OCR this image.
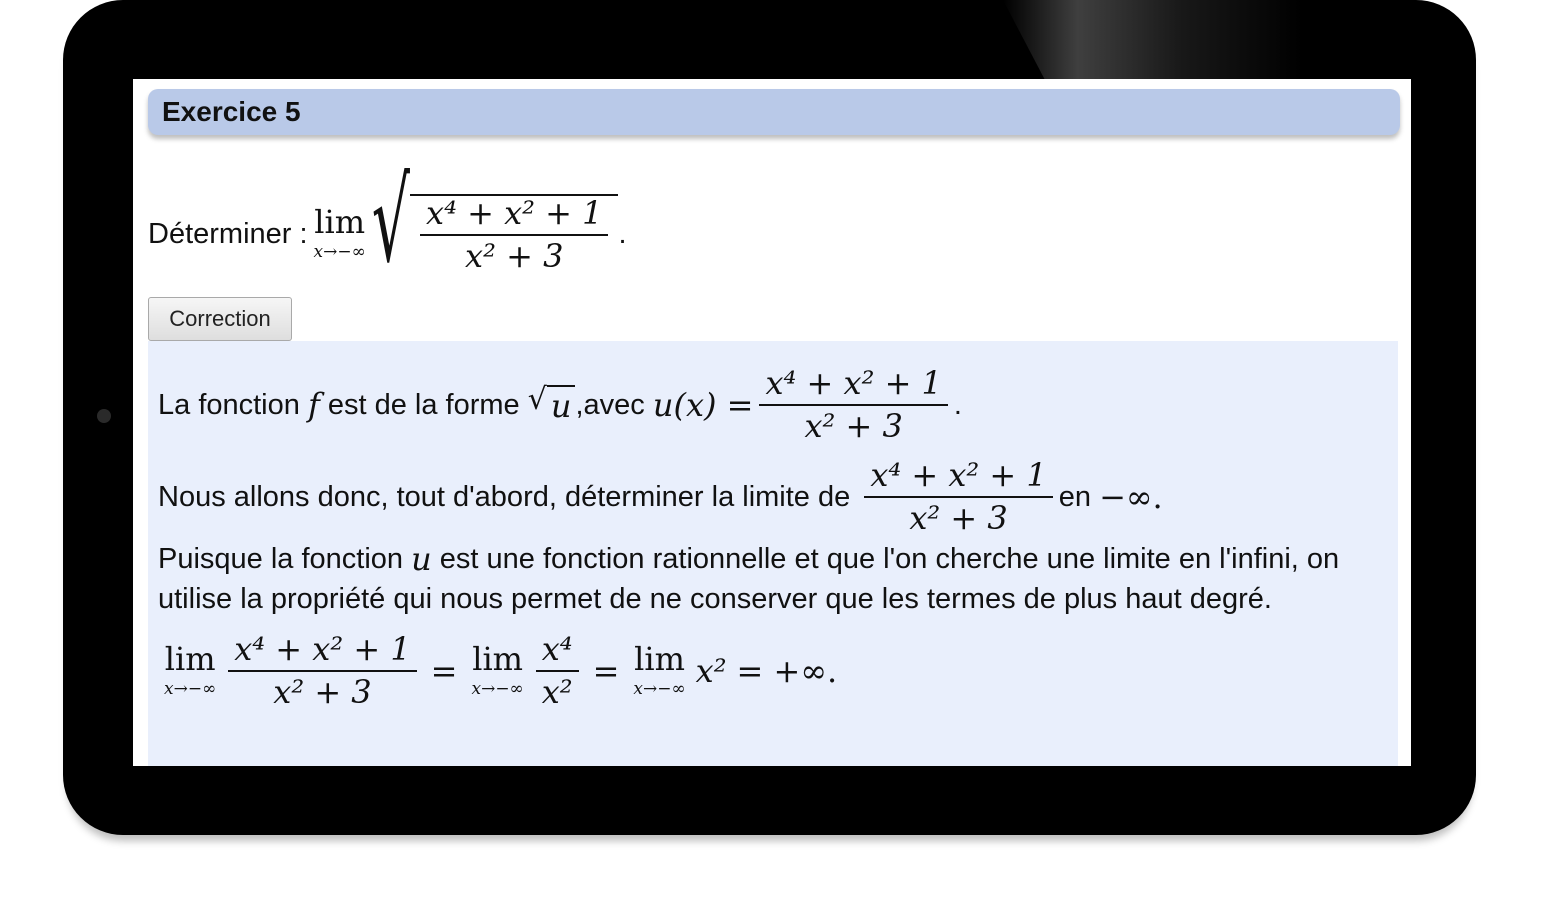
Exercice 5
Déterminer : lim
x→−∞ √ $\frac{\text{x⁴ + x² + 1}}{\text{x² + 3}}$ .
Correction
La fonction
f
est de la forme
√ u ,avec
$u(x) = \frac{\text{x⁴ + x² + 1}}{\text{x² + 3}}$ .
Nous allons donc, tout d'abord, déterminer la limite de
$\frac{\text{x⁴ + x² + 1}}{\text{x² + 3}}$ en
−∞.
Puisque la fonction
u
est une fonction rationnelle et que l'on cherche une limite en l'infini, on
utilise la propriété qui nous permet de ne conserver que les termes de plus haut degré.
lim
$x\to-\infty \frac{\text{x⁴ + x² + 1}}{\text{x² + 3}} = \lim$
$x\to-\infty \frac{\text{x⁴}}{\text{x²}} = \lim$
x→−∞ x² = +∞.
